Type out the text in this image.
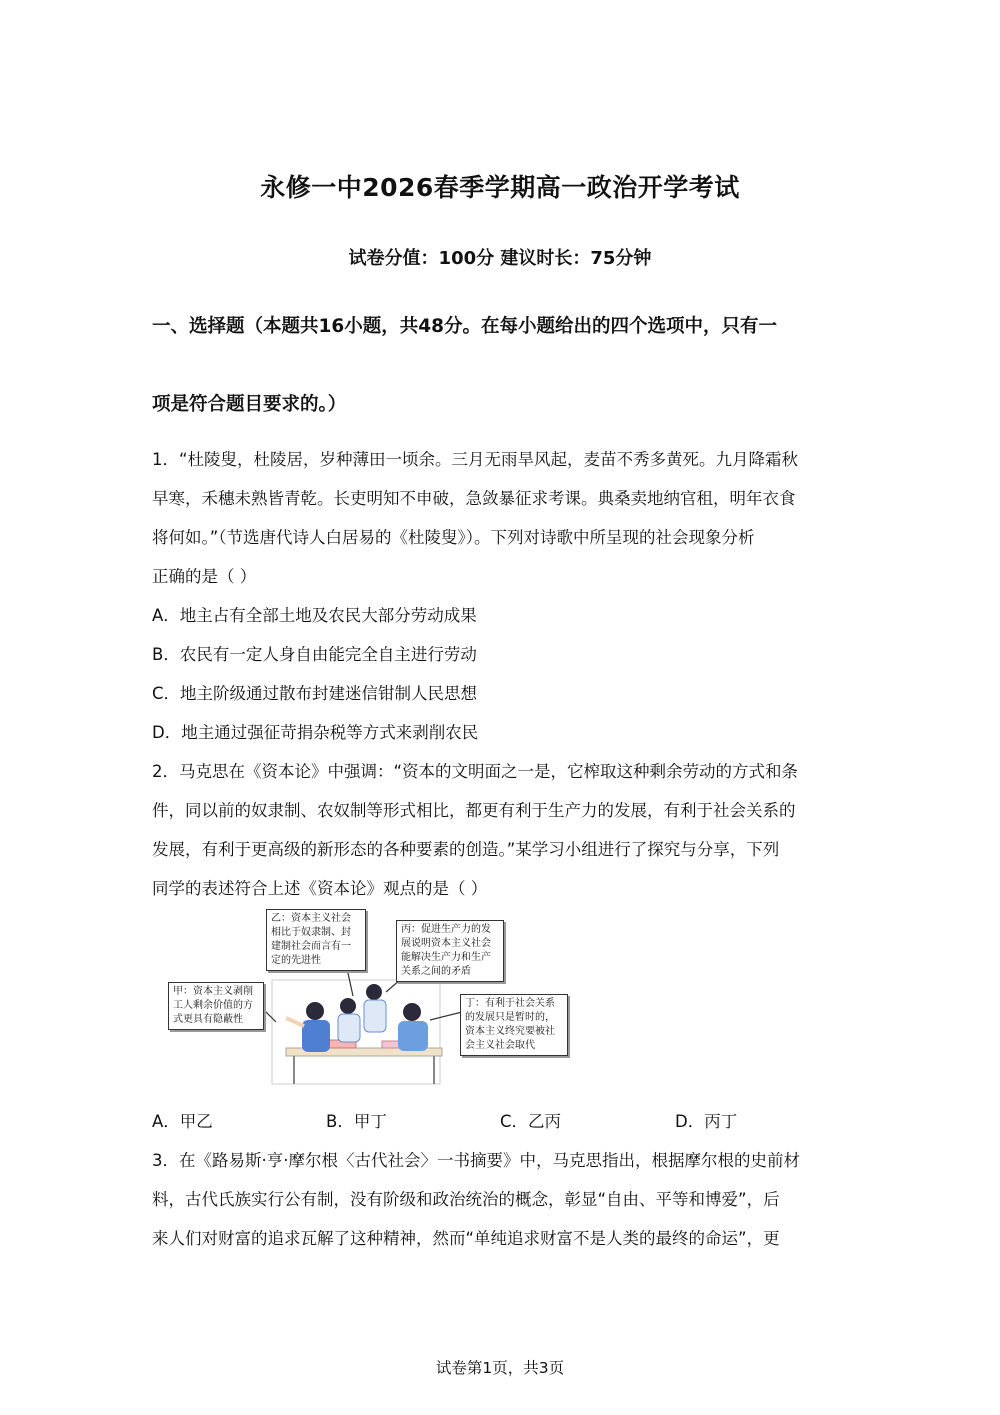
永修一中2026春季学期高一政治开学考试
试卷分值：100分 建议时长：75分钟
一、选择题（本题共16小题，共48分。在每小题给出的四个选项中，只有一
项是符合题目要求的。）
1．“杜陵叟，杜陵居，岁种薄田一顷余。三月无雨旱风起，麦苗不秀多黄死。九月降霜秋
早寒，禾穗未熟皆青乾。长吏明知不申破，急敛暴征求考课。典桑卖地纳官租，明年衣食
将何如。”（节选唐代诗人白居易的《杜陵叟》）。下列对诗歌中所呈现的社会现象分析
正确的是（ ）
A．地主占有全部土地及农民大部分劳动成果
B．农民有一定人身自由能完全自主进行劳动
C．地主阶级通过散布封建迷信钳制人民思想
D．地主通过强征苛捐杂税等方式来剥削农民
2．马克思在《资本论》中强调：“资本的文明面之一是，它榨取这种剩余劳动的方式和条
件，同以前的奴隶制、农奴制等形式相比，都更有利于生产力的发展，有利于社会关系的
发展，有利于更高级的新形态的各种要素的创造。”某学习小组进行了探究与分享，下列
同学的表述符合上述《资本论》观点的是（ ）
甲：资本主义剥削
工人剩余价值的方
式更具有隐蔽性
乙：资本主义社会
相比于奴隶制、封
建制社会而言有一
定的先进性
丙：促进生产力的发
展说明资本主义社会
能解决生产力和生产
关系之间的矛盾
丁：有利于社会关系
的发展只是暂时的，
资本主义终究要被社
会主义社会取代
A．甲乙	B．甲丁	C．乙丙	D．丙丁
3．在《路易斯·亨·摩尔根〈古代社会〉一书摘要》中，马克思指出，根据摩尔根的史前材
料，古代氏族实行公有制，没有阶级和政治统治的概念，彰显“自由、平等和博爱”，后
来人们对财富的追求瓦解了这种精神，然而“单纯追求财富不是人类的最终的命运”，更
试卷第1页，共3页
